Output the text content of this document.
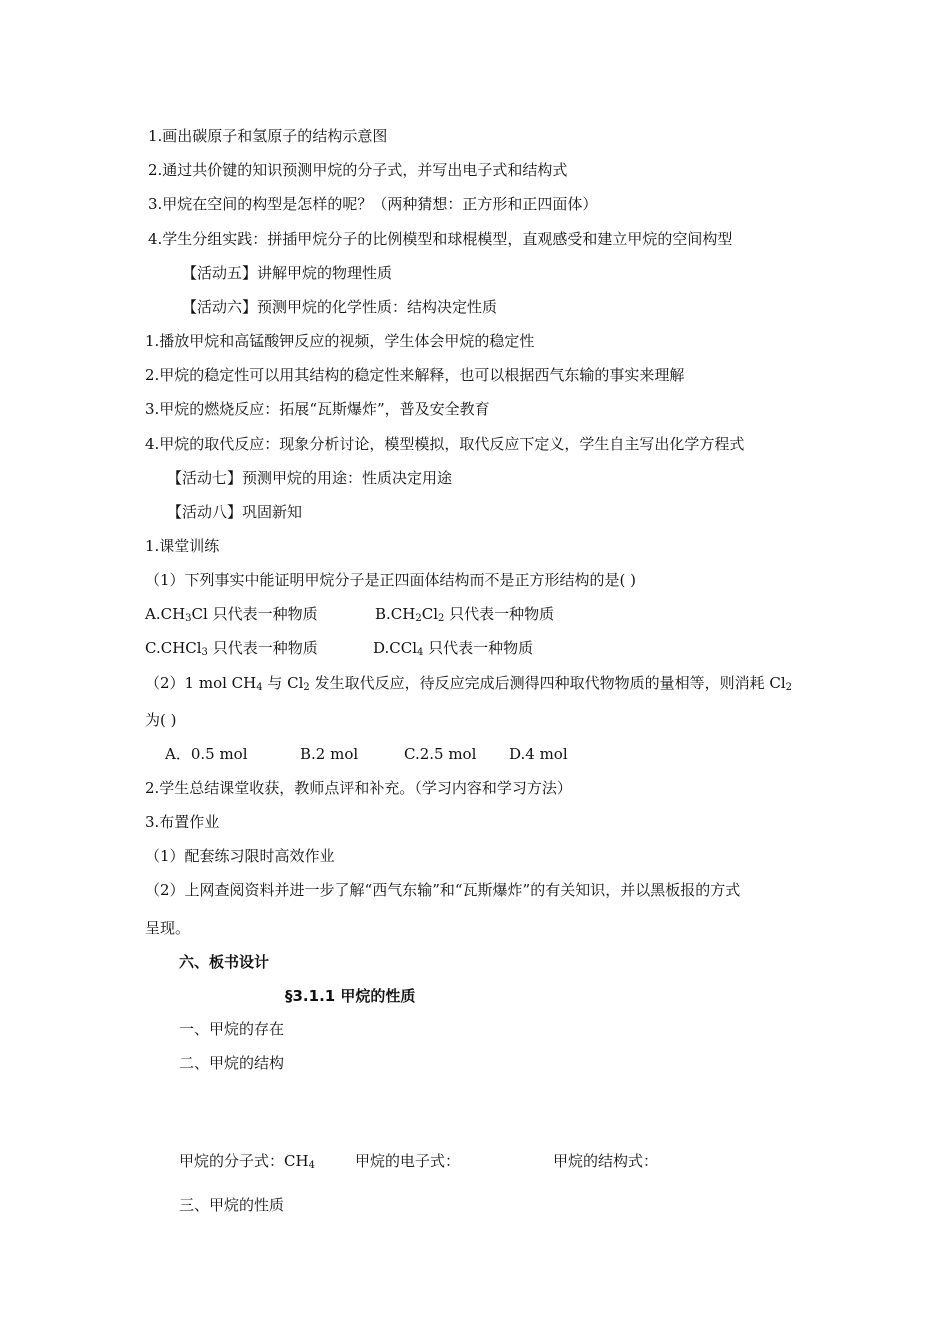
1.画出碳原子和氢原子的结构示意图
2.通过共价键的知识预测甲烷的分子式，并写出电子式和结构式
3.甲烷在空间的构型是怎样的呢？（两种猜想：正方形和正四面体）
4.学生分组实践：拼插甲烷分子的比例模型和球棍模型，直观感受和建立甲烷的空间构型
【活动五】讲解甲烷的物理性质
【活动六】预测甲烷的化学性质：结构决定性质
1.播放甲烷和高锰酸钾反应的视频，学生体会甲烷的稳定性
2.甲烷的稳定性可以用其结构的稳定性来解释，也可以根据西气东输的事实来理解
3.甲烷的燃烧反应：拓展“瓦斯爆炸”，普及安全教育
4.甲烷的取代反应：现象分析讨论，模型模拟，取代反应下定义，学生自主写出化学方程式
【活动七】预测甲烷的用途：性质决定用途
【活动八】巩固新知
1.课堂训练
（1）下列事实中能证明甲烷分子是正四面体结构而不是正方形结构的是( )
$A.CH_3Cl$ 只代表一种物质	$B.CH_2Cl_2$ 只代表一种物质
C.CHCl$_3$ 只代表一种物质	D.CCl$_4$ 只代表一种物质
（2）1 mol $CH_4$ 与 $Cl_2$ 发生取代反应，待反应完成后测得四种取代物物质的量相等，则消耗 $Cl_2$
为( )
A．0.5 mol	B.2 mol	C.2.5 mol D.4 mol
2.学生总结课堂收获，教师点评和补充。（学习内容和学习方法）
3.布置作业
（1）配套练习限时高效作业
（2）上网查阅资料并进一步了解“西气东输”和“瓦斯爆炸”的有关知识，并以黑板报的方式
呈现。
六、板书设计
§3.1.1 甲烷的性质
一、甲烷的存在
二、甲烷的结构
甲烷的分子式：$CH_4$	甲烷的电子式：	甲烷的结构式：
三、甲烷的性质
